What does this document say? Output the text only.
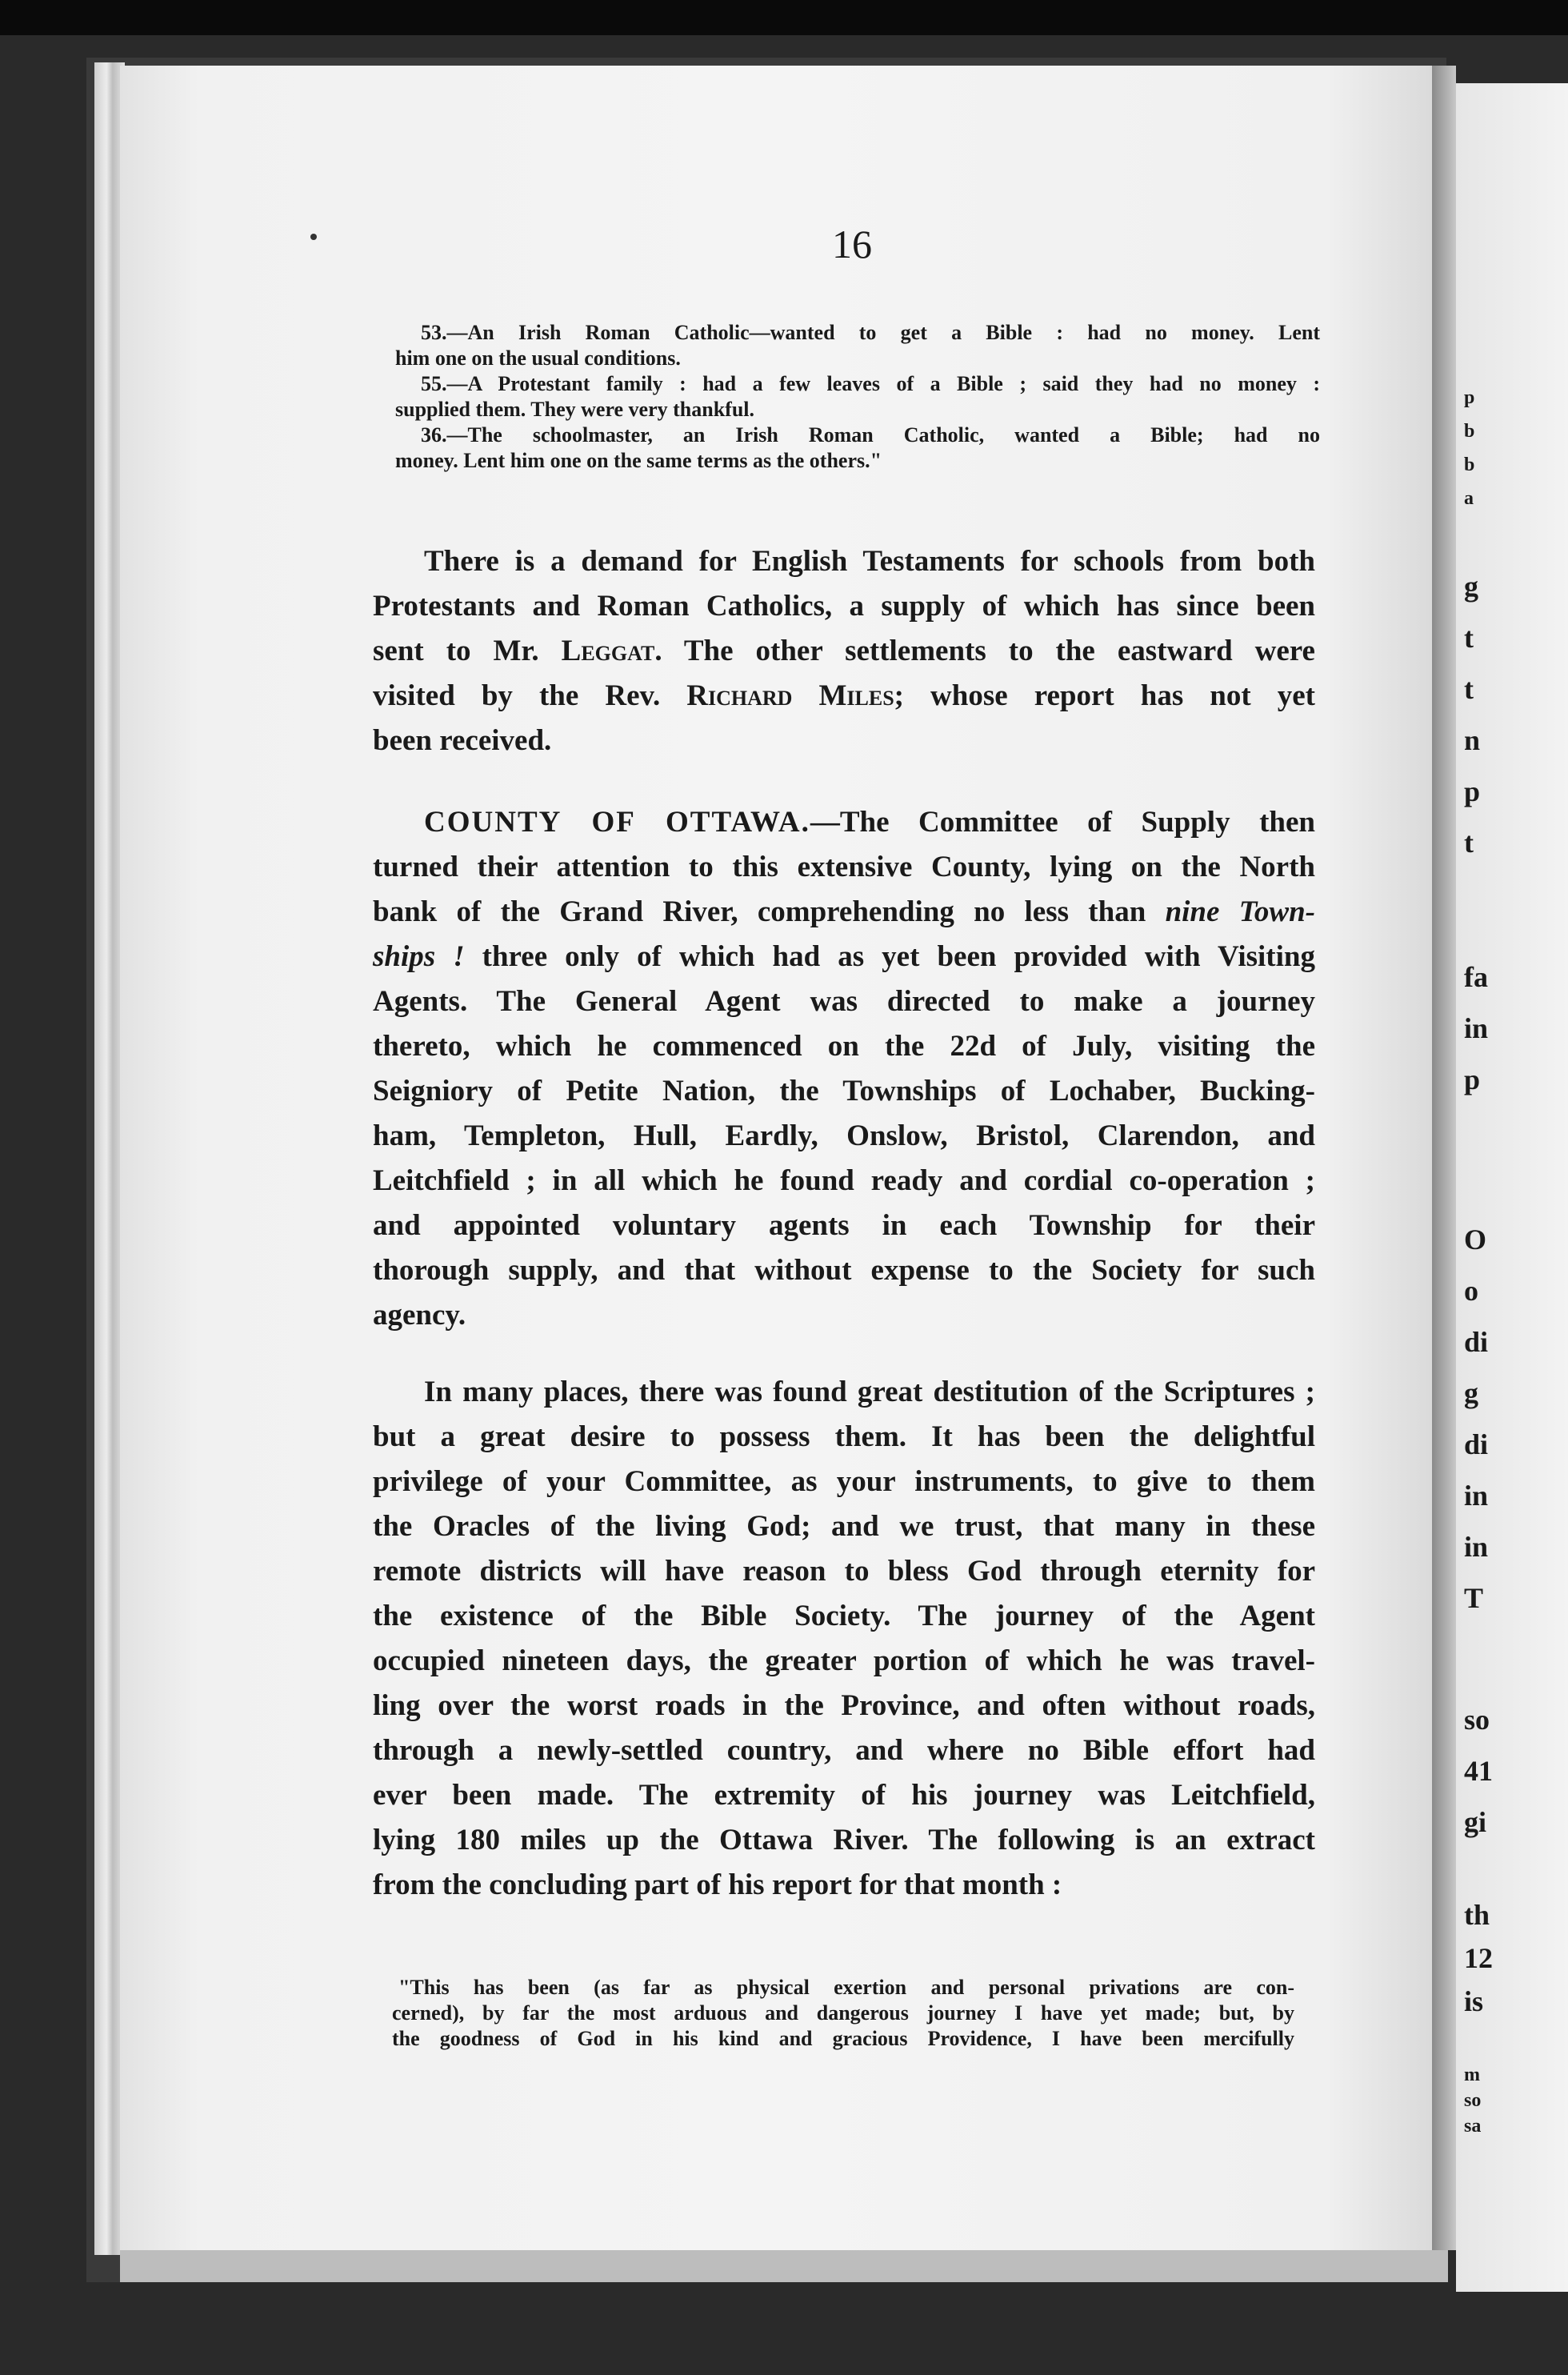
p
b
b
a
g
t
t
n
p
t
fa
in
p
O
o
di
g
di
in
in
T
so
41
gi
th
12
is
m
so
sa
16

53.—An Irish Roman Catholic—wanted to get a Bible : had no money. Lent

him one on the usual conditions.

55.—A Protestant family : had a few leaves of a Bible ; said they had no money :

supplied them. They were very thankful.

36.—The schoolmaster, an Irish Roman Catholic, wanted a Bible; had no

money. Lent him one on the same terms as the others."

There is a demand for English Testaments for schools from both

Protestants and Roman Catholics, a supply of which has since been

sent to Mr. Leggat. The other settlements to the eastward were

visited by the Rev. Richard Miles; whose report has not yet

been received.

COUNTY OF OTTAWA.—The Committee of Supply then

turned their attention to this extensive County, lying on the North

bank of the Grand River, comprehending no less than nine Town-

ships ! three only of which had as yet been provided with Visiting

Agents. The General Agent was directed to make a journey

thereto, which he commenced on the 22d of July, visiting the

Seigniory of Petite Nation, the Townships of Lochaber, Bucking-

ham, Templeton, Hull, Eardly, Onslow, Bristol, Clarendon, and

Leitchfield ; in all which he found ready and cordial co-operation ;

and appointed voluntary agents in each Township for their

thorough supply, and that without expense to the Society for such

agency.

In many places, there was found great destitution of the Scriptures ;

but a great desire to possess them. It has been the delightful

privilege of your Committee, as your instruments, to give to them

the Oracles of the living God; and we trust, that many in these

remote districts will have reason to bless God through eternity for

the existence of the Bible Society. The journey of the Agent

occupied nineteen days, the greater portion of which he was travel-

ling over the worst roads in the Province, and often without roads,

through a newly-settled country, and where no Bible effort had

ever been made. The extremity of his journey was Leitchfield,

lying 180 miles up the Ottawa River. The following is an extract

from the concluding part of his report for that month :

"This has been (as far as physical exertion and personal privations are con-

cerned), by far the most arduous and dangerous journey I have yet made; but, by

the goodness of God in his kind and gracious Providence, I have been mercifully
